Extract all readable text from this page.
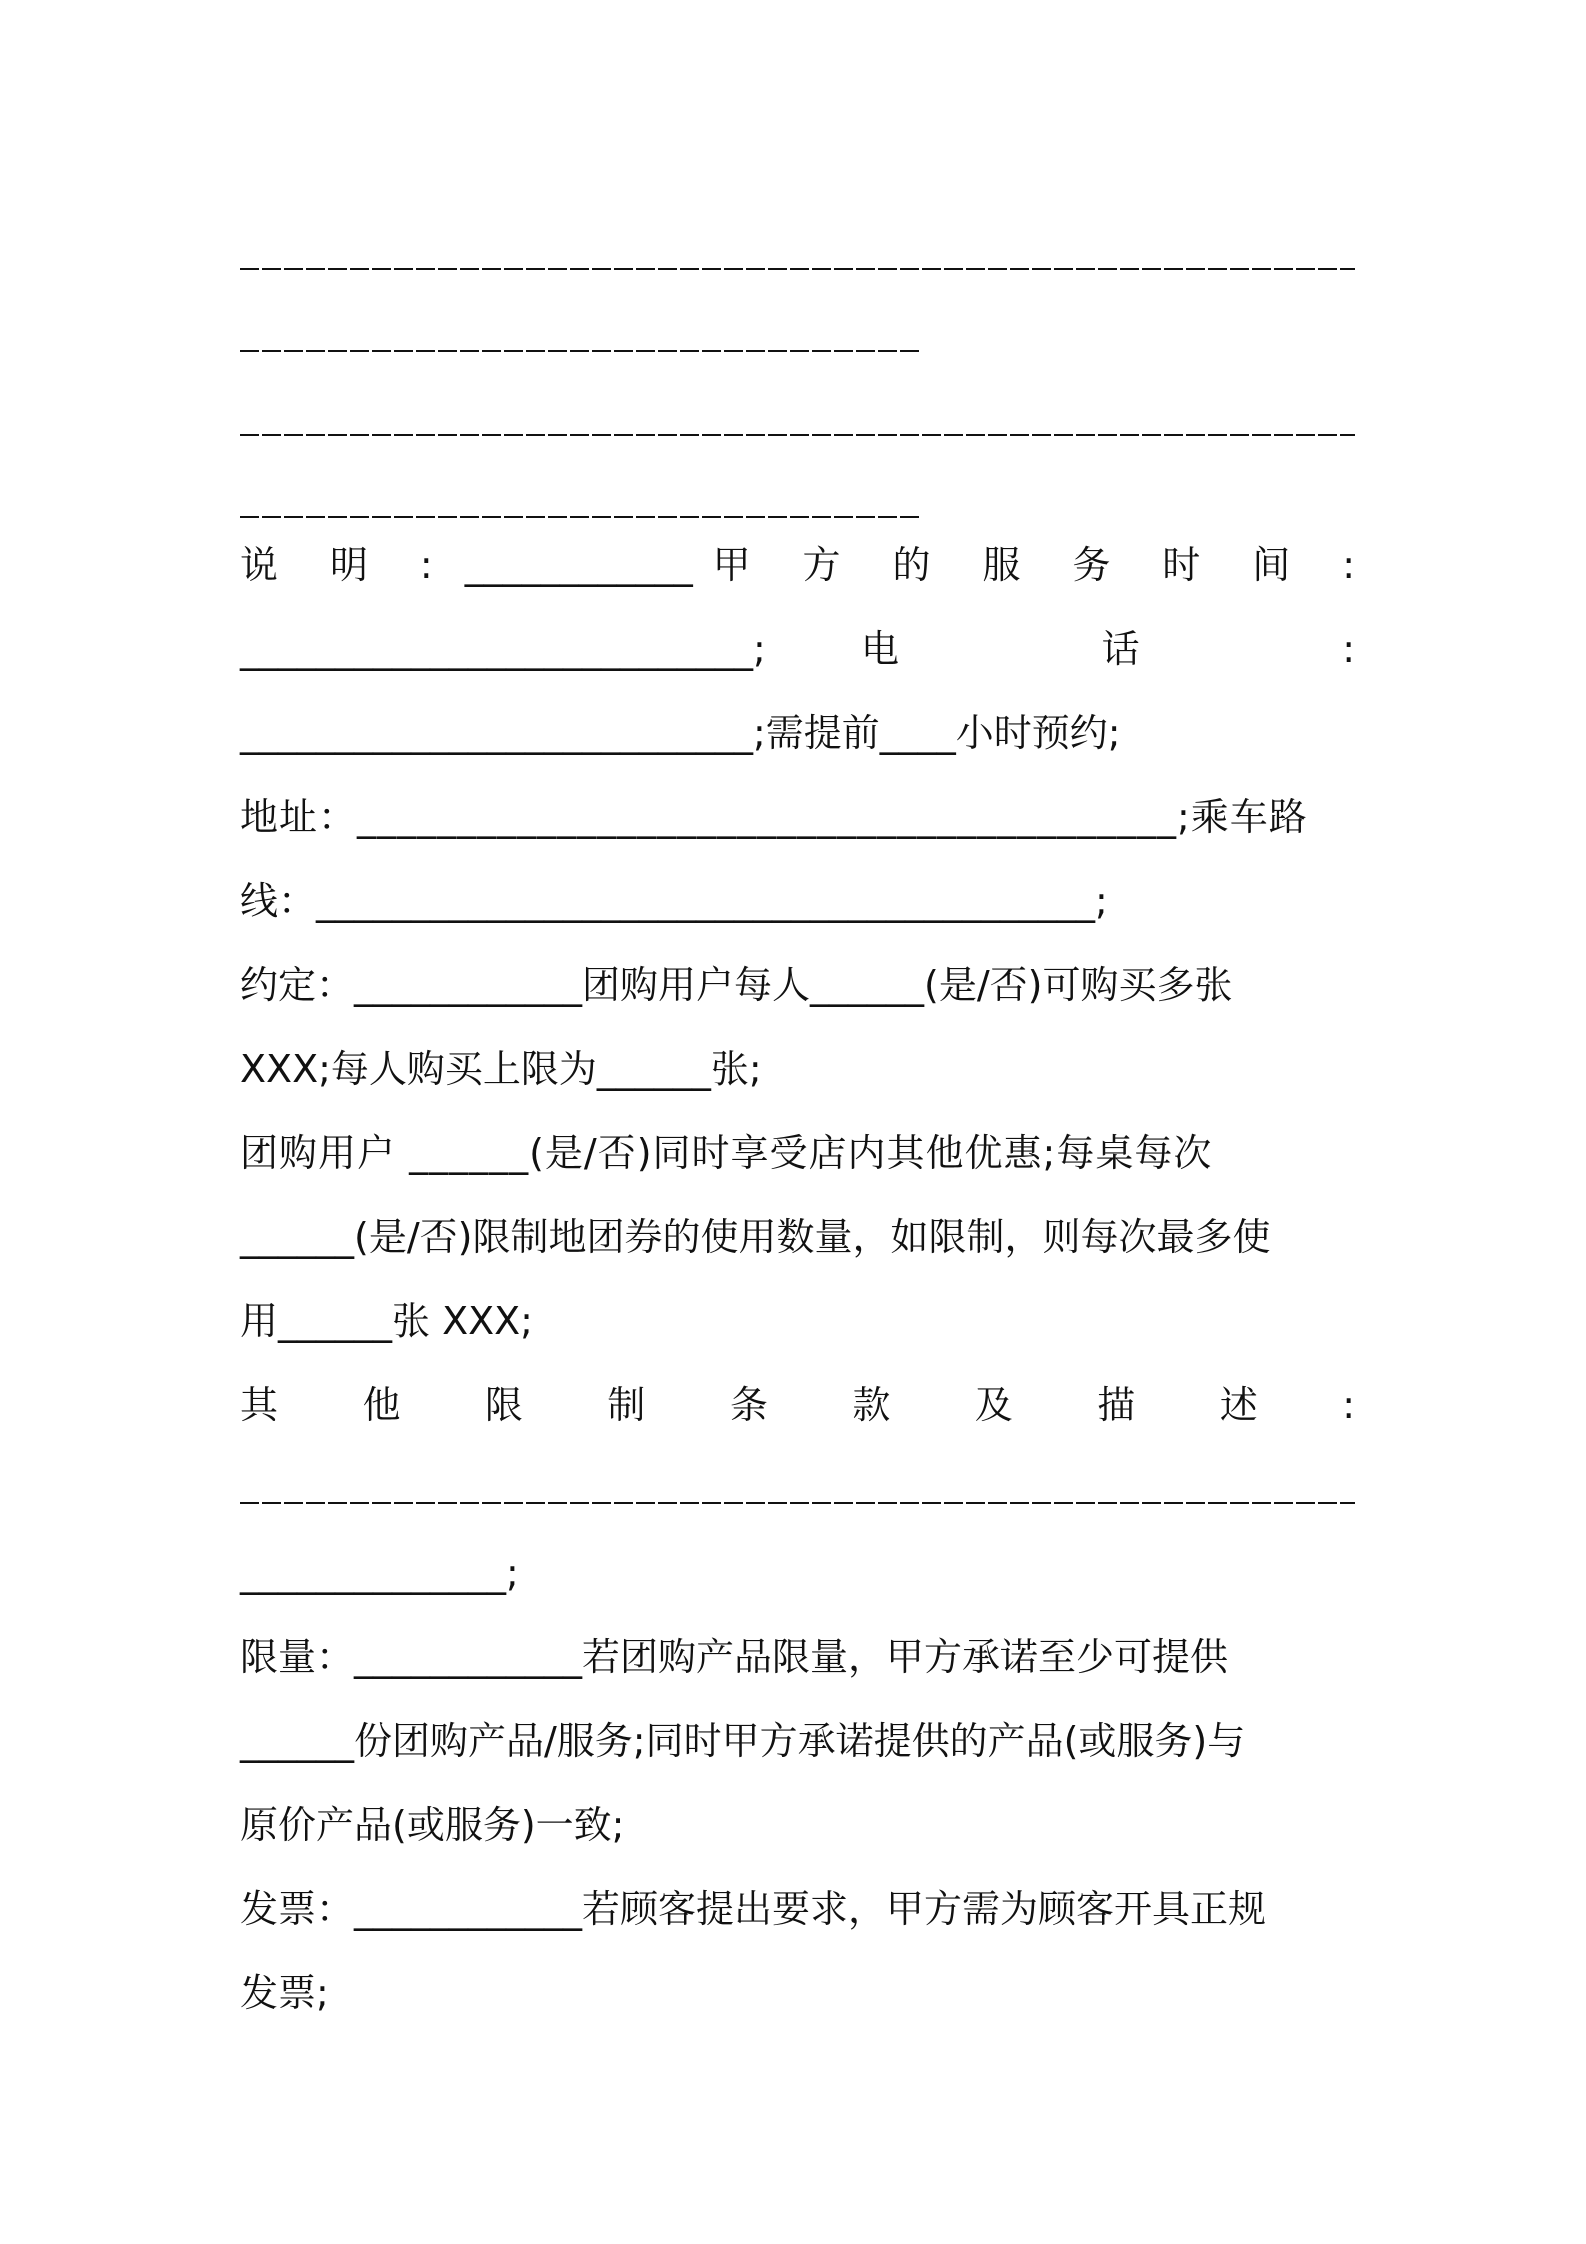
说 明 : ____________甲 方 的 服 务 时 间 :
___________________________;电 话 :
___________________________;需提前____小时预约;
地址：_________________________________________;乘车路
线：_________________________________________;
约定：____________团购用户每人______(是/否)可购买多张
XXX;每人购买上限为______张;
团购用户 ______(是/否)同时享受店内其他优惠;每桌每次
______(是/否)限制地团券的使用数量，如限制，则每次最多使
用______张 XXX;
其 他 限 制 条 款 及 描 述 :
______________;
限量：____________若团购产品限量，甲方承诺至少可提供
______份团购产品/服务;同时甲方承诺提供的产品(或服务)与
原价产品(或服务)一致;
发票：____________若顾客提出要求，甲方需为顾客开具正规
发票;
